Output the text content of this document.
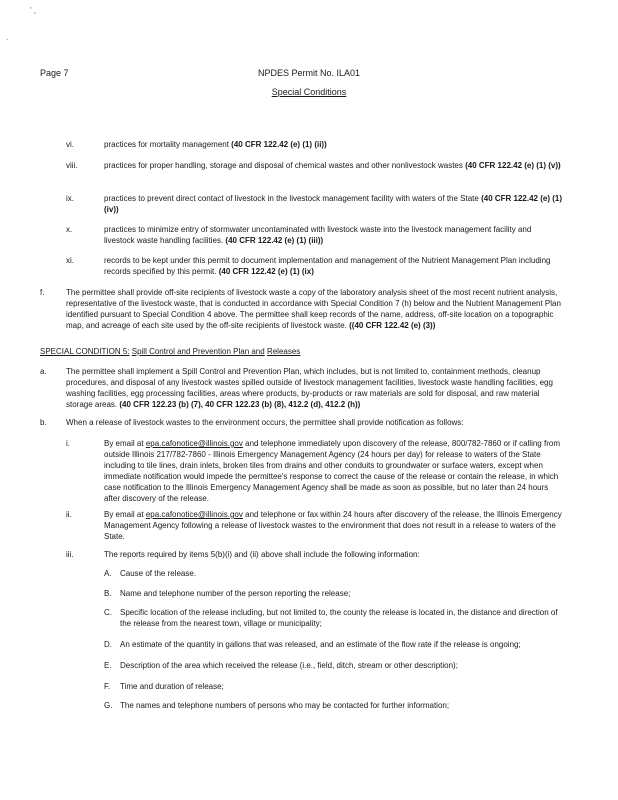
' ,
.
Page 7	NPDES Permit No. ILA01
Special Conditions
vi.	practices for mortality management (40 CFR 122.42 (e) (1) (ii))
viii.	practices for proper handling, storage and disposal of chemical wastes and other nonlivestock wastes (40 CFR 122.42 (e) (1) (v))
ix.	practices to prevent direct contact of livestock in the livestock management facility with waters of the State (40 CFR 122.42 (e) (1) (iv))
x.	practices to minimize entry of stormwater uncontaminated with livestock waste into the livestock management facility and livestock waste handling facilities. (40 CFR 122.42 (e) (1) (iii))
xi.	records to be kept under this permit to document implementation and management of the Nutrient Management Plan including records specified by this permit. (40 CFR 122.42 (e) (1) (ix)
f.	The permittee shall provide off-site recipients of livestock waste a copy of the laboratory analysis sheet of the most recent nutrient analysis, representative of the livestock waste, that is conducted in accordance with Special Condition 7 (h) below and the Nutrient Management Plan identified pursuant to Special Condition 4 above. The permittee shall keep records of the name, address, off-site location on a topographic map, and acreage of each site used by the off-site recipients of livestock waste. ((40 CFR 122.42 (e) (3))
SPECIAL CONDITION 5: Spill Control and Prevention Plan and Releases
a. The permittee shall implement a Spill Control and Prevention Plan, which includes, but is not limited to, containment methods, cleanup procedures, and disposal of any livestock wastes spilled outside of livestock management facilities, livestock waste handling facilities, egg washing facilities, egg processing facilities, areas where products, by-products or raw materials are sold for disposal, and raw material storage areas. (40 CFR 122.23 (b) (7), 40 CFR 122.23 (b) (8), 412.2 (d), 412.2 (h))
b. When a release of livestock wastes to the environment occurs, the permittee shall provide notification as follows:
i.	By email at epa.cafonotice@illinois.gov and telephone immediately upon discovery of the release, 800/782-7860 or if calling from outside Illinois 217/782-7860 - Illinois Emergency Management Agency (24 hours per day) for release to waters of the State including to tile lines, drain inlets, broken tiles from drains and other conduits to groundwater or surface waters, except when immediate notification would impede the permittee's response to correct the cause of the release or contain the release, in which case notification to the Illinois Emergency Management Agency shall be made as soon as possible, but no later than 24 hours after discovery of the release.
ii.	By email at epa.cafonotice@illinois.gov and telephone or fax within 24 hours after discovery of the release, the Illinois Emergency Management Agency following a release of livestock wastes to the environment that does not result in a release to waters of the State.
iii.	The reports required by items 5(b)(i) and (ii) above shall include the following information:
A. Cause of the release.
B. Name and telephone number of the person reporting the release;
C. Specific location of the release including, but not limited to, the county the release is located in, the distance and direction of the release from the nearest town, village or municipality;
D. An estimate of the quantity in gallons that was released, and an estimate of the flow rate if the release is ongoing;
E. Description of the area which received the release (i.e., field, ditch, stream or other description);
F. Time and duration of release;
G. The names and telephone numbers of persons who may be contacted for further information;
